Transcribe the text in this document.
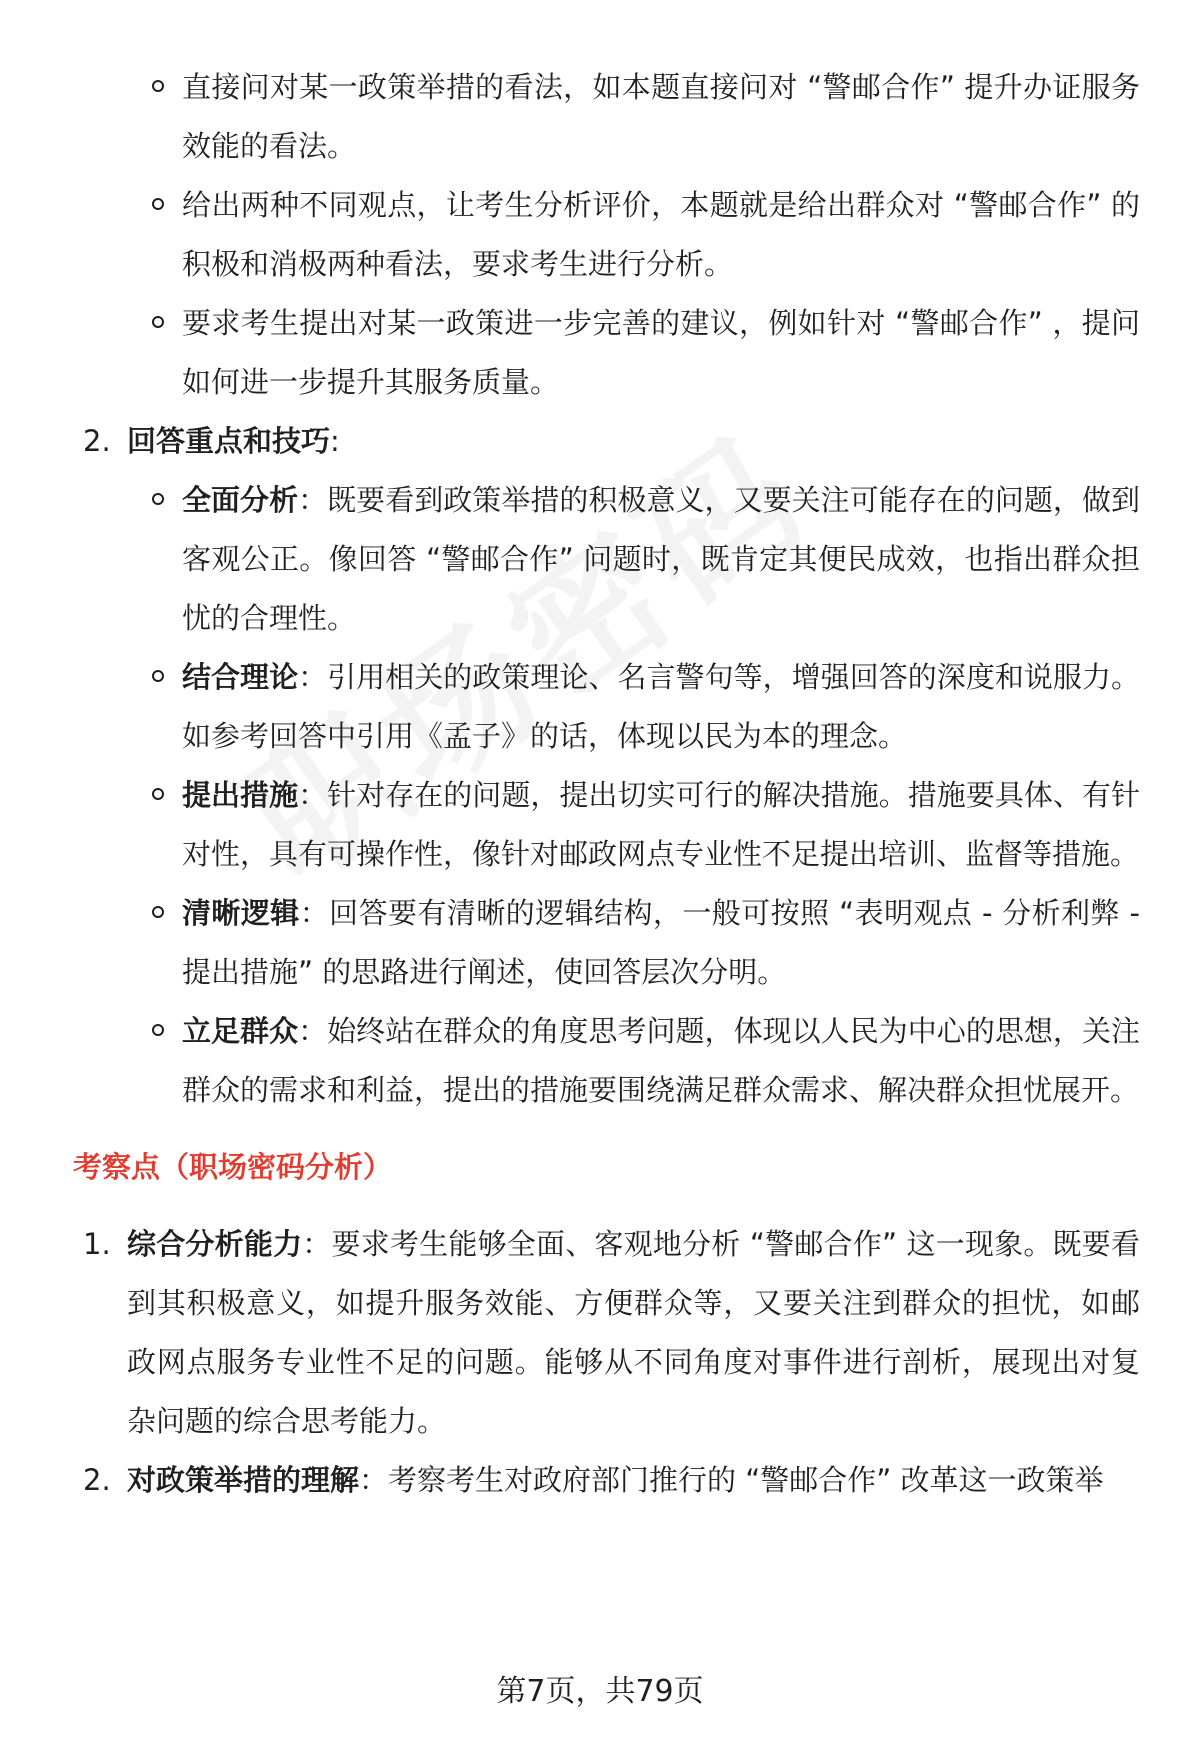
直接问对某一政策举措的看法，如本题直接问对 “警邮合作” 提升办证服务效能的看法。
给出两种不同观点，让考生分析评价，本题就是给出群众对 “警邮合作” 的积极和消极两种看法，要求考生进行分析。
要求考生提出对某一政策进一步完善的建议，例如针对 “警邮合作” ，提问如何进一步提升其服务质量。
2. 回答重点和技巧:
全面分析：既要看到政策举措的积极意义，又要关注可能存在的问题，做到客观公正。像回答 “警邮合作” 问题时，既肯定其便民成效，也指出群众担忧的合理性。
结合理论：引用相关的政策理论、名言警句等，增强回答的深度和说服力。如参考回答中引用《孟子》的话，体现以民为本的理念。
提出措施：针对存在的问题，提出切实可行的解决措施。措施要具体、有针对性，具有可操作性，像针对邮政网点专业性不足提出培训、监督等措施。
清晰逻辑：回答要有清晰的逻辑结构，一般可按照 “表明观点 - 分析利弊 - 提出措施” 的思路进行阐述，使回答层次分明。
立足群众：始终站在群众的角度思考问题，体现以人民为中心的思想，关注群众的需求和利益，提出的措施要围绕满足群众需求、解决群众担忧展开。
考察点（职场密码分析）
1. 综合分析能力：要求考生能够全面、客观地分析 “警邮合作” 这一现象。既要看到其积极意义，如提升服务效能、方便群众等，又要关注到群众的担忧，如邮政网点服务专业性不足的问题。能够从不同角度对事件进行剖析，展现出对复杂问题的综合思考能力。
2. 对政策举措的理解：考察考生对政府部门推行的 “警邮合作” 改革这一政策举
第7页，共79页
